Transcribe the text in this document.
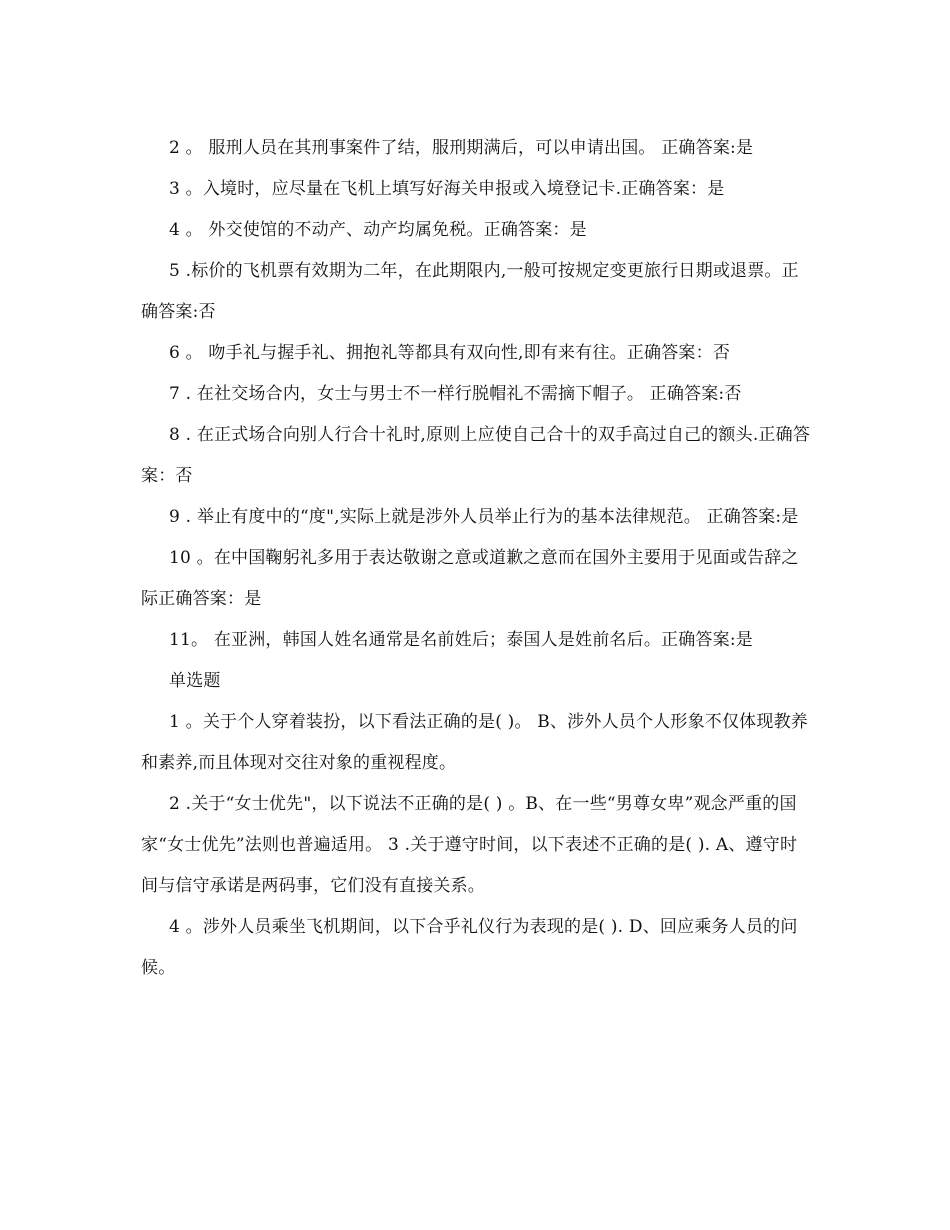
2 。 服刑人员在其刑事案件了结，服刑期满后，可以申请出国。 正确答案:是

3 。入境时，应尽量在飞机上填写好海关申报或入境登记卡.正确答案：是

4 。 外交使馆的不动产、动产均属免税。正确答案：是

5 .标价的飞机票有效期为二年，在此期限内,一般可按规定变更旅行日期或退票。正确答案:否

6 。 吻手礼与握手礼、拥抱礼等都具有双向性,即有来有往。正确答案：否

7 . 在社交场合内，女士与男士不一样行脱帽礼不需摘下帽子。 正确答案:否

8 . 在正式场合向别人行合十礼时,原则上应使自己合十的双手高过自己的额头.正确答案：否

9 . 举止有度中的“度",实际上就是涉外人员举止行为的基本法律规范。 正确答案:是

10 。在中国鞠躬礼多用于表达敬谢之意或道歉之意而在国外主要用于见面或告辞之际正确答案：是

11。 在亚洲，韩国人姓名通常是名前姓后；泰国人是姓前名后。正确答案:是

单选题

1 。关于个人穿着装扮，以下看法正确的是( )。 B、涉外人员个人形象不仅体现教养和素养,而且体现对交往对象的重视程度。

2 .关于“女士优先"，以下说法不正确的是( ) 。B、在一些“男尊女卑”观念严重的国家“女士优先”法则也普遍适用。 3 .关于遵守时间，以下表述不正确的是( ). A、遵守时间与信守承诺是两码事，它们没有直接关系。

4 。涉外人员乘坐飞机期间，以下合乎礼仪行为表现的是( ). D、回应乘务人员的问候。
